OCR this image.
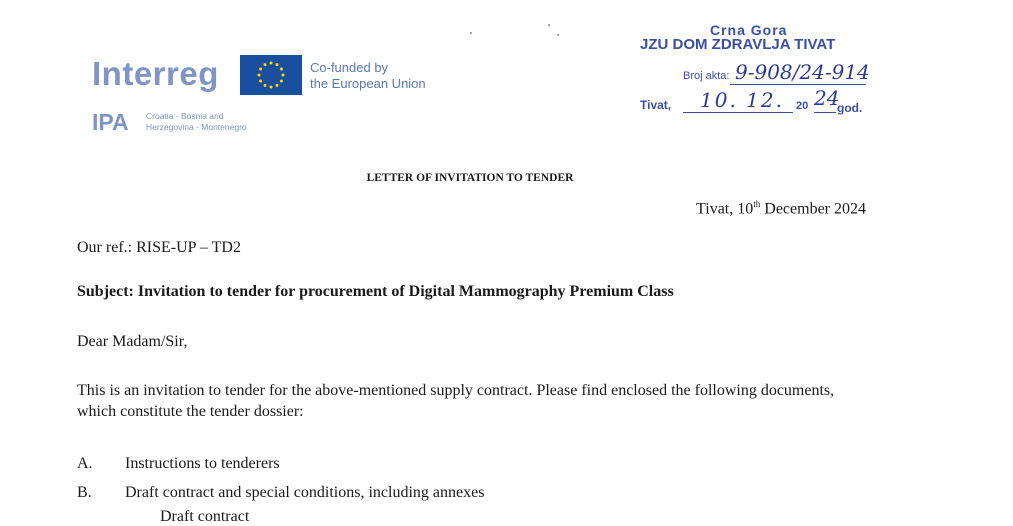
Interreg	Co-funded by
the European Union
IPA Croatia - Bosnia and
Herzegovina - Montenegro
Crna Gora
JZU DOM ZDRAVLJA TIVAT
Broj akta: 9-908/24-914
Tivat, 10. 12. 20 24
god.
LETTER OF INVITATION TO TENDER
Tivat, 10th December 2024
Our ref.: RISE-UP – TD2
Subject: Invitation to tender for procurement of Digital Mammography Premium Class
Dear Madam/Sir,
This is an invitation to tender for the above-mentioned supply contract. Please find enclosed the following documents, which constitute the tender dossier:
A. Instructions to tenderers
B. Draft contract and special conditions, including annexes
Draft contract
